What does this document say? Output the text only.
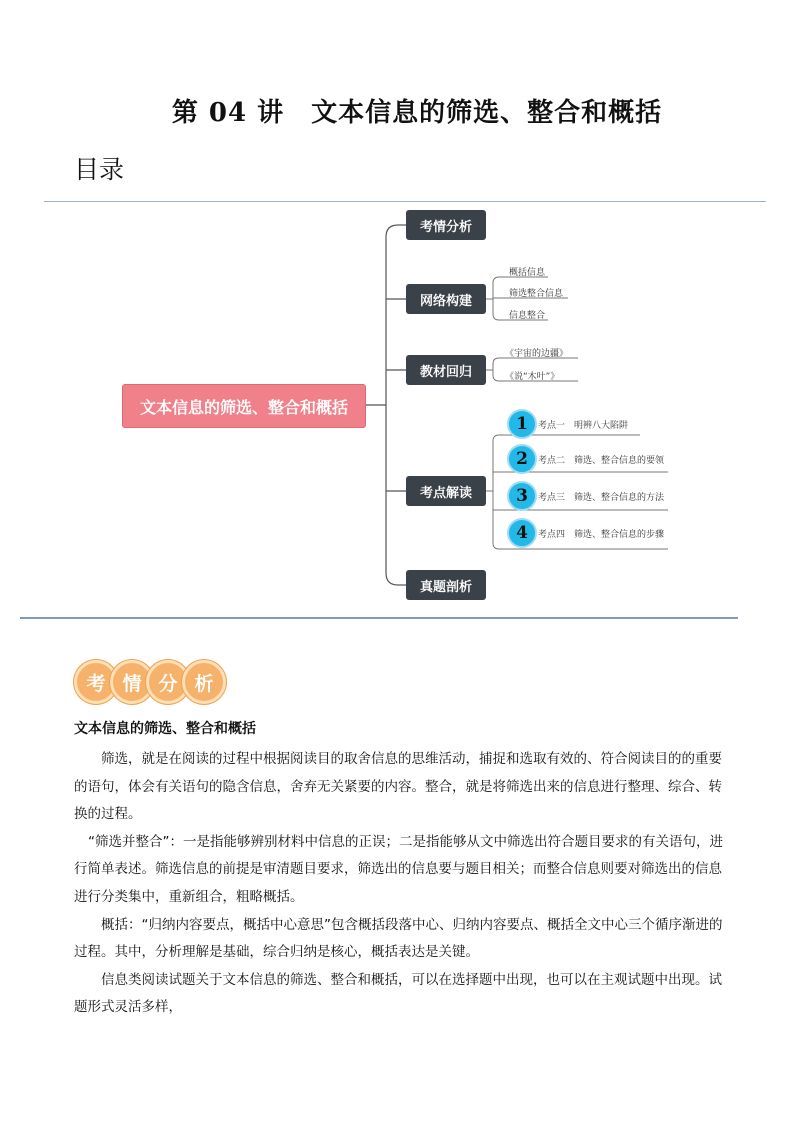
第 04 讲　文本信息的筛选、整合和概括
目录
文本信息的筛选、整合和概括
考情分析
网络构建
教材回归
考点解读
真题剖析
概括信息
筛选整合信息
信息整合
《宇宙的边疆》
《说“木叶”》
1	考点一　明辨八大陷阱
2	考点二　筛选、整合信息的要领
3	考点三　筛选、整合信息的方法
4	考点四　筛选、整合信息的步骤
考 情 分 析
文本信息的筛选、整合和概括

筛选，就是在阅读的过程中根据阅读目的取舍信息的思维活动，捕捉和选取有效的、符合阅读目的的重要的语句，体会有关语句的隐含信息，舍弃无关紧要的内容。整合，就是将筛选出来的信息进行整理、综合、转换的过程。

“筛选并整合”：一是指能够辨别材料中信息的正误；二是指能够从文中筛选出符合题目要求的有关语句，进行简单表述。筛选信息的前提是审清题目要求，筛选出的信息要与题目相关；而整合信息则要对筛选出的信息进行分类集中，重新组合，粗略概括。

概括：“归纳内容要点，概括中心意思”包含概括段落中心、归纳内容要点、概括全文中心三个循序渐进的过程。其中，分析理解是基础，综合归纳是核心，概括表达是关键。

信息类阅读试题关于文本信息的筛选、整合和概括，可以在选择题中出现，也可以在主观试题中出现。试题形式灵活多样，
